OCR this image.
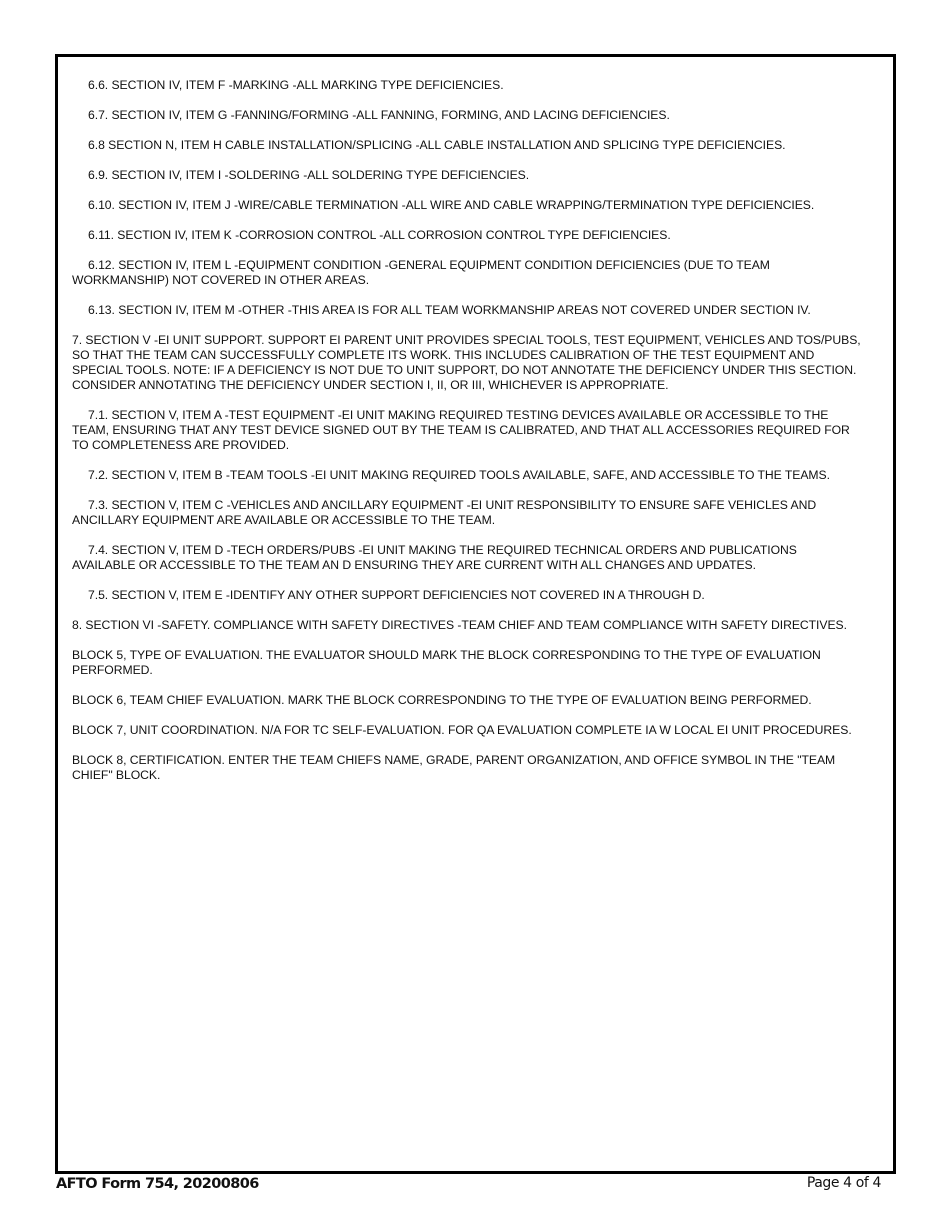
6.6. SECTION IV, ITEM F -MARKING -ALL MARKING TYPE DEFICIENCIES.

6.7. SECTION IV, ITEM G -FANNING/FORMING -ALL FANNING, FORMING, AND LACING DEFICIENCIES.

6.8 SECTION N, ITEM H CABLE INSTALLATION/SPLICING -ALL CABLE INSTALLATION AND SPLICING TYPE DEFICIENCIES.

6.9. SECTION IV, ITEM I -SOLDERING -ALL SOLDERING TYPE DEFICIENCIES.

6.10. SECTION IV, ITEM J -WIRE/CABLE TERMINATION -ALL WIRE AND CABLE WRAPPING/TERMINATION TYPE DEFICIENCIES.

6.11. SECTION IV, ITEM K -CORROSION CONTROL -ALL CORROSION CONTROL TYPE DEFICIENCIES.

6.12. SECTION IV, ITEM L -EQUIPMENT CONDITION -GENERAL EQUIPMENT CONDITION DEFICIENCIES (DUE TO TEAM WORKMANSHIP) NOT COVERED IN OTHER AREAS.

6.13. SECTION IV, ITEM M -OTHER -THIS AREA IS FOR ALL TEAM WORKMANSHIP AREAS NOT COVERED UNDER SECTION IV.

7. SECTION V -EI UNIT SUPPORT. SUPPORT EI PARENT UNIT PROVIDES SPECIAL TOOLS, TEST EQUIPMENT, VEHICLES AND TOS/PUBS, SO THAT THE TEAM CAN SUCCESSFULLY COMPLETE ITS WORK. THIS INCLUDES CALIBRATION OF THE TEST EQUIPMENT AND SPECIAL TOOLS. NOTE: IF A DEFICIENCY IS NOT DUE TO UNIT SUPPORT, DO NOT ANNOTATE THE DEFICIENCY UNDER THIS SECTION. CONSIDER ANNOTATING THE DEFICIENCY UNDER SECTION I, II, OR III, WHICHEVER IS APPROPRIATE.

7.1. SECTION V, ITEM A -TEST EQUIPMENT -EI UNIT MAKING REQUIRED TESTING DEVICES AVAILABLE OR ACCESSIBLE TO THE TEAM, ENSURING THAT ANY TEST DEVICE SIGNED OUT BY THE TEAM IS CALIBRATED, AND THAT ALL ACCESSORIES REQUIRED FOR TO COMPLETENESS ARE PROVIDED.

7.2. SECTION V, ITEM B -TEAM TOOLS -EI UNIT MAKING REQUIRED TOOLS AVAILABLE, SAFE, AND ACCESSIBLE TO THE TEAMS.

7.3. SECTION V, ITEM C -VEHICLES AND ANCILLARY EQUIPMENT -EI UNIT RESPONSIBILITY TO ENSURE SAFE VEHICLES AND ANCILLARY EQUIPMENT ARE AVAILABLE OR ACCESSIBLE TO THE TEAM.

7.4. SECTION V, ITEM D -TECH ORDERS/PUBS -EI UNIT MAKING THE REQUIRED TECHNICAL ORDERS AND PUBLICATIONS AVAILABLE OR ACCESSIBLE TO THE TEAM AN D ENSURING THEY ARE CURRENT WITH ALL CHANGES AND UPDATES.

7.5. SECTION V, ITEM E -IDENTIFY ANY OTHER SUPPORT DEFICIENCIES NOT COVERED IN A THROUGH D.

8. SECTION VI -SAFETY. COMPLIANCE WITH SAFETY DIRECTIVES -TEAM CHIEF AND TEAM COMPLIANCE WITH SAFETY DIRECTIVES.

BLOCK 5, TYPE OF EVALUATION. THE EVALUATOR SHOULD MARK THE BLOCK CORRESPONDING TO THE TYPE OF EVALUATION PERFORMED.

BLOCK 6, TEAM CHIEF EVALUATION. MARK THE BLOCK CORRESPONDING TO THE TYPE OF EVALUATION BEING PERFORMED.

BLOCK 7, UNIT COORDINATION. N/A FOR TC SELF-EVALUATION. FOR QA EVALUATION COMPLETE IA W LOCAL EI UNIT PROCEDURES.

BLOCK 8, CERTIFICATION. ENTER THE TEAM CHIEFS NAME, GRADE, PARENT ORGANIZATION, AND OFFICE SYMBOL IN THE "TEAM CHIEF" BLOCK.

AFTO Form 754, 20200806	Page 4 of 4
